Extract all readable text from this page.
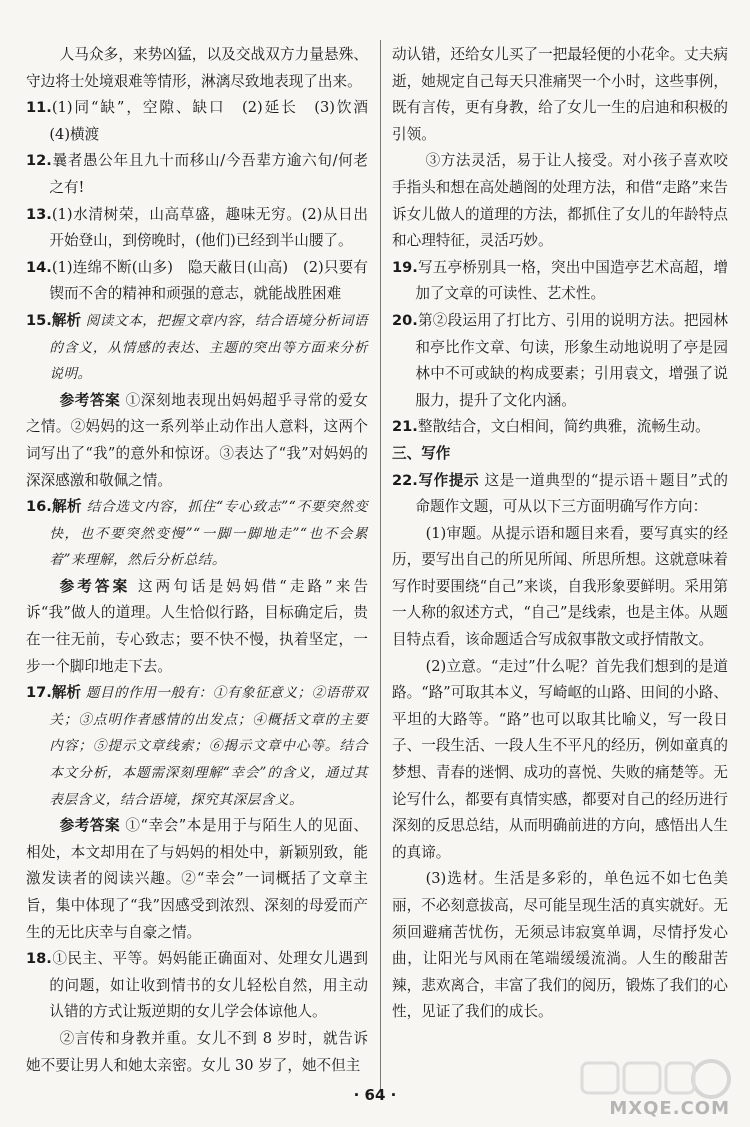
人马众多，来势凶猛，以及交战双方力量悬殊、守边将士处境艰难等情形，淋漓尽致地表现了出来。

11.(1)同“缺”，空隙、缺口　(2)延长　(3)饮酒　(4)横渡

12.曩者愚公年且九十而移山/今吾辈方逾六旬/何老之有!

13.(1)水清树荣，山高草盛，趣味无穷。(2)从日出开始登山，到傍晚时，(他们)已经到半山腰了。

14.(1)连绵不断(山多)　隐天蔽日(山高)　(2)只要有锲而不舍的精神和顽强的意志，就能战胜困难

15.解析 阅读文本，把握文章内容，结合语境分析词语的含义，从情感的表达、主题的突出等方面来分析说明。

参考答案 ①深刻地表现出妈妈超乎寻常的爱女之情。②妈妈的这一系列举止动作出人意料，这两个词写出了“我”的意外和惊讶。③表达了“我”对妈妈的深深感激和敬佩之情。

16.解析 结合选文内容，抓住“专心致志”“不要突然变快，也不要突然变慢”“一脚一脚地走”“也不会累着”来理解，然后分析总结。

参考答案 这两句话是妈妈借“走路”来告诉“我”做人的道理。人生恰似行路，目标确定后，贵在一往无前，专心致志；要不快不慢，执着坚定，一步一个脚印地走下去。

17.解析 题目的作用一般有：①有象征意义；②语带双关；③点明作者感情的出发点；④概括文章的主要内容；⑤提示文章线索；⑥揭示文章中心等。结合本文分析，本题需深刻理解“幸会”的含义，通过其表层含义，结合语境，探究其深层含义。

参考答案 ①“幸会”本是用于与陌生人的见面、相处，本文却用在了与妈妈的相处中，新颖别致，能激发读者的阅读兴趣。②“幸会”一词概括了文章主旨，集中体现了“我”因感受到浓烈、深刻的母爱而产生的无比庆幸与自豪之情。

18.①民主、平等。妈妈能正确面对、处理女儿遇到的问题，如让收到情书的女儿轻松自然，用主动认错的方式让叛逆期的女儿学会体谅他人。

②言传和身教并重。女儿不到 8 岁时，就告诉她不要让男人和她太亲密。女儿 30 岁了，她不但主

动认错，还给女儿买了一把最轻便的小花伞。丈夫病逝，她规定自己每天只准痛哭一个小时，这些事例，既有言传，更有身教，给了女儿一生的启迪和积极的引领。

③方法灵活，易于让人接受。对小孩子喜欢咬手指头和想在高处趟阁的处理方法，和借“走路”来告诉女儿做人的道理的方法，都抓住了女儿的年龄特点和心理特征，灵活巧妙。

19.写五亭桥别具一格，突出中国造亭艺术高超，增加了文章的可读性、艺术性。

20.第②段运用了打比方、引用的说明方法。把园林和亭比作文章、句读，形象生动地说明了亭是园林中不可或缺的构成要素；引用袁文，增强了说服力，提升了文化内涵。

21.整散结合，文白相间，简约典雅，流畅生动。

三、写作

22.写作提示 这是一道典型的“提示语＋题目”式的命题作文题，可从以下三方面明确写作方向：

(1)审题。从提示语和题目来看，要写真实的经历，要写出自己的所见所闻、所思所想。这就意味着写作时要围绕“自己”来谈，自我形象要鲜明。采用第一人称的叙述方式，“自己”是线索，也是主体。从题目特点看，该命题适合写成叙事散文或抒情散文。

(2)立意。“走过”什么呢？首先我们想到的是道路。“路”可取其本义，写崎岖的山路、田间的小路、平坦的大路等。“路”也可以取其比喻义，写一段日子、一段生活、一段人生不平凡的经历，例如童真的梦想、青春的迷惘、成功的喜悦、失败的痛楚等。无论写什么，都要有真情实感，都要对自己的经历进行深刻的反思总结，从而明确前进的方向，感悟出人生的真谛。

(3)选材。生活是多彩的，单色远不如七色美丽，不必刻意拔高，尽可能呈现生活的真实就好。无须回避痛苦忧伤，无须忌讳寂寞单调，尽情抒发心曲，让阳光与风雨在笔端缓缓流淌。人生的酸甜苦辣，悲欢离合，丰富了我们的阅历，锻炼了我们的心性，见证了我们的成长。

· 64 ·
MXQE.COM
